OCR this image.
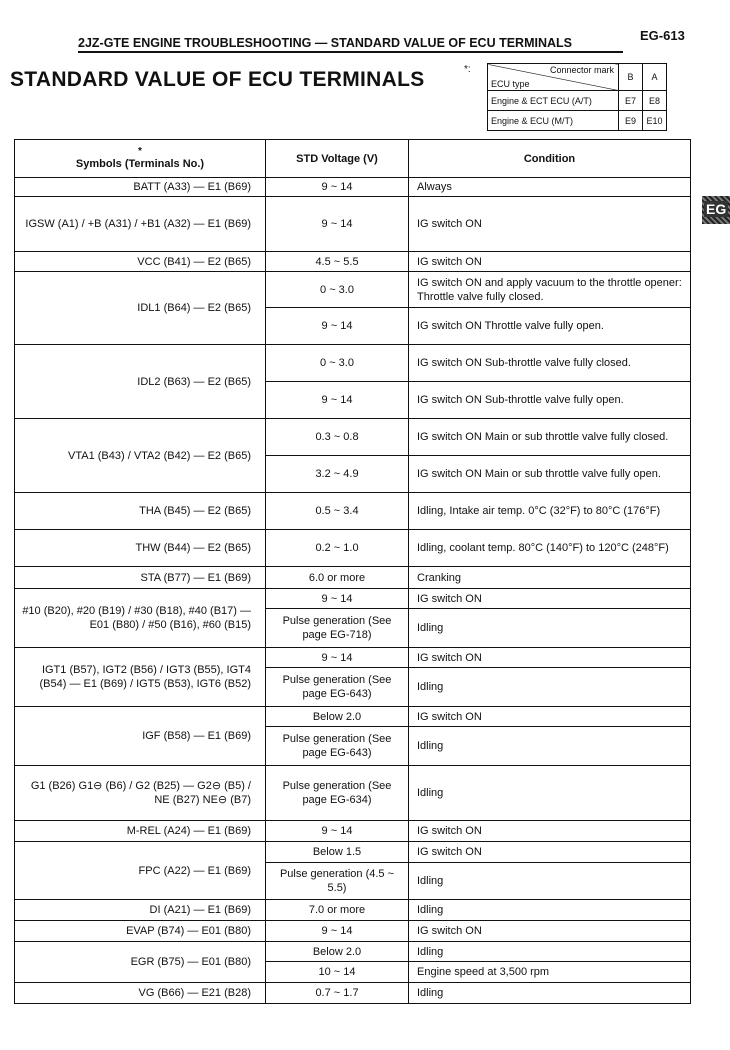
2JZ-GTE ENGINE TROUBLESHOOTING — STANDARD VALUE OF ECU TERMINALS	EG-613
STANDARD VALUE OF ECU TERMINALS	*:	Connector mark
ECU type	B	A
Engine & ECT ECU (A/T)	E7	E8
Engine & ECU (M/T)	E9	E10
EG
*
Symbols (Terminals No.)	STD Voltage (V)	Condition
BATT (A33) — E1 (B69)	9 ~ 14	Always
IGSW (A1) / +B (A31) / +B1 (A32) — E1 (B69)	9 ~ 14	IG switch ON
VCC (B41) — E2 (B65)	4.5 ~ 5.5	IG switch ON
IDL1 (B64) — E2 (B65)	0 ~ 3.0	IG switch ON and apply vacuum to the throttle opener: Throttle valve fully closed.
	9 ~ 14	IG switch ON Throttle valve fully open.
IDL2 (B63) — E2 (B65)	0 ~ 3.0	IG switch ON Sub-throttle valve fully closed.
	9 ~ 14	IG switch ON Sub-throttle valve fully open.
VTA1 (B43) / VTA2 (B42) — E2 (B65)	0.3 ~ 0.8	IG switch ON Main or sub throttle valve fully closed.
	3.2 ~ 4.9	IG switch ON Main or sub throttle valve fully open.
THA (B45) — E2 (B65)	0.5 ~ 3.4	Idling, Intake air temp. 0°C (32°F) to 80°C (176°F)
THW (B44) — E2 (B65)	0.2 ~ 1.0	Idling, coolant temp. 80°C (140°F) to 120°C (248°F)
STA (B77) — E1 (B69)	6.0 or more	Cranking
#10 (B20), #20 (B19) / #30 (B18), #40 (B17) — E01 (B80) / #50 (B16), #60 (B15)	9 ~ 14	IG switch ON
	Pulse generation (See page EG-718)	Idling
IGT1 (B57), IGT2 (B56) / IGT3 (B55), IGT4 (B54) — E1 (B69) / IGT5 (B53), IGT6 (B52)	9 ~ 14	IG switch ON
	Pulse generation (See page EG-643)	Idling
IGF (B58) — E1 (B69)	Below 2.0	IG switch ON
	Pulse generation (See page EG-643)	Idling
G1 (B26) G1⊖ (B6) / G2 (B25) — G2⊖ (B5) / NE (B27) NE⊖ (B7)	Pulse generation (See page EG-634)	Idling
M-REL (A24) — E1 (B69)	9 ~ 14	IG switch ON
FPC (A22) — E1 (B69)	Below 1.5	IG switch ON
	Pulse generation (4.5 ~ 5.5)	Idling
DI (A21) — E1 (B69)	7.0 or more	Idling
EVAP (B74) — E01 (B80)	9 ~ 14	IG switch ON
EGR (B75) — E01 (B80)	Below 2.0	Idling
	10 ~ 14	Engine speed at 3,500 rpm
VG (B66) — E21 (B28)	0.7 ~ 1.7	Idling
